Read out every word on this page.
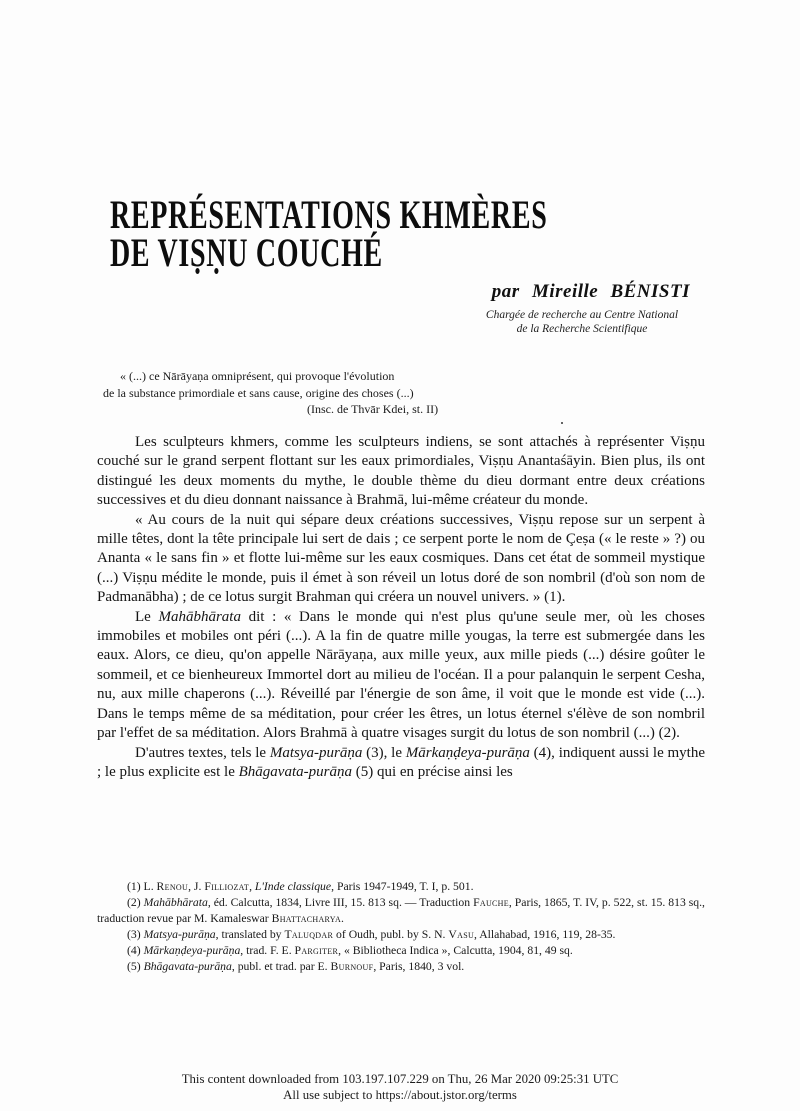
REPRÉSENTATIONS KHMÈRES
DE VIṢṆU COUCHÉ
par Mireille BÉNISTI
Chargée de recherche au Centre National
de la Recherche Scientifique
« (...) ce Nārāyaṇa omniprésent, qui provoque l'évolution
de la substance primordiale et sans cause, origine des choses (...)
(Insc. de Thvār Kdei, st. II)

Les sculpteurs khmers, comme les sculpteurs indiens, se sont attachés à représenter Viṣṇu couché sur le grand serpent flottant sur les eaux primordiales, Viṣṇu Anantaśāyin. Bien plus, ils ont distingué les deux moments du mythe, le double thème du dieu dormant entre deux créations successives et du dieu donnant naissance à Brahmā, lui-même créateur du monde.

« Au cours de la nuit qui sépare deux créations successives, Viṣṇu repose sur un serpent à mille têtes, dont la tête principale lui sert de dais ; ce serpent porte le nom de Çeṣa (« le reste » ?) ou Ananta « le sans fin » et flotte lui-même sur les eaux cosmiques. Dans cet état de sommeil mystique (...) Viṣṇu médite le monde, puis il émet à son réveil un lotus doré de son nombril (d'où son nom de Padmanābha) ; de ce lotus surgit Brahman qui créera un nouvel univers. » (1).

Le Mahābhārata dit : « Dans le monde qui n'est plus qu'une seule mer, où les choses immobiles et mobiles ont péri (...). A la fin de quatre mille yougas, la terre est submergée dans les eaux. Alors, ce dieu, qu'on appelle Nārāyaṇa, aux mille yeux, aux mille pieds (...) désire goûter le sommeil, et ce bienheureux Immortel dort au milieu de l'océan. Il a pour palanquin le serpent Cesha, nu, aux mille chaperons (...). Réveillé par l'énergie de son âme, il voit que le monde est vide (...). Dans le temps même de sa méditation, pour créer les êtres, un lotus éternel s'élève de son nombril par l'effet de sa méditation. Alors Brahmā à quatre visages surgit du lotus de son nombril (...) (2).

D'autres textes, tels le Matsya-purāṇa (3), le Mārkaṇḍeya-purāṇa (4), indiquent aussi le mythe ; le plus explicite est le Bhāgavata-purāṇa (5) qui en précise ainsi les

(1) L. Renou, J. Filliozat, L'Inde classique, Paris 1947-1949, T. I, p. 501.

(2) Mahābhārata, éd. Calcutta, 1834, Livre III, 15. 813 sq. — Traduction Fauche, Paris, 1865, T. IV, p. 522, st. 15. 813 sq., traduction revue par M. Kamaleswar Bhattacharya.

(3) Matsya-purāṇa, translated by Taluqdar of Oudh, publ. by S. N. Vasu, Allahabad, 1916, 119, 28-35.

(4) Mārkaṇḍeya-purāṇa, trad. F. E. Pargiter, « Bibliotheca Indica », Calcutta, 1904, 81, 49 sq.

(5) Bhāgavata-purāṇa, publ. et trad. par E. Burnouf, Paris, 1840, 3 vol.

This content downloaded from 103.197.107.229 on Thu, 26 Mar 2020 09:25:31 UTC
All use subject to https://about.jstor.org/terms
